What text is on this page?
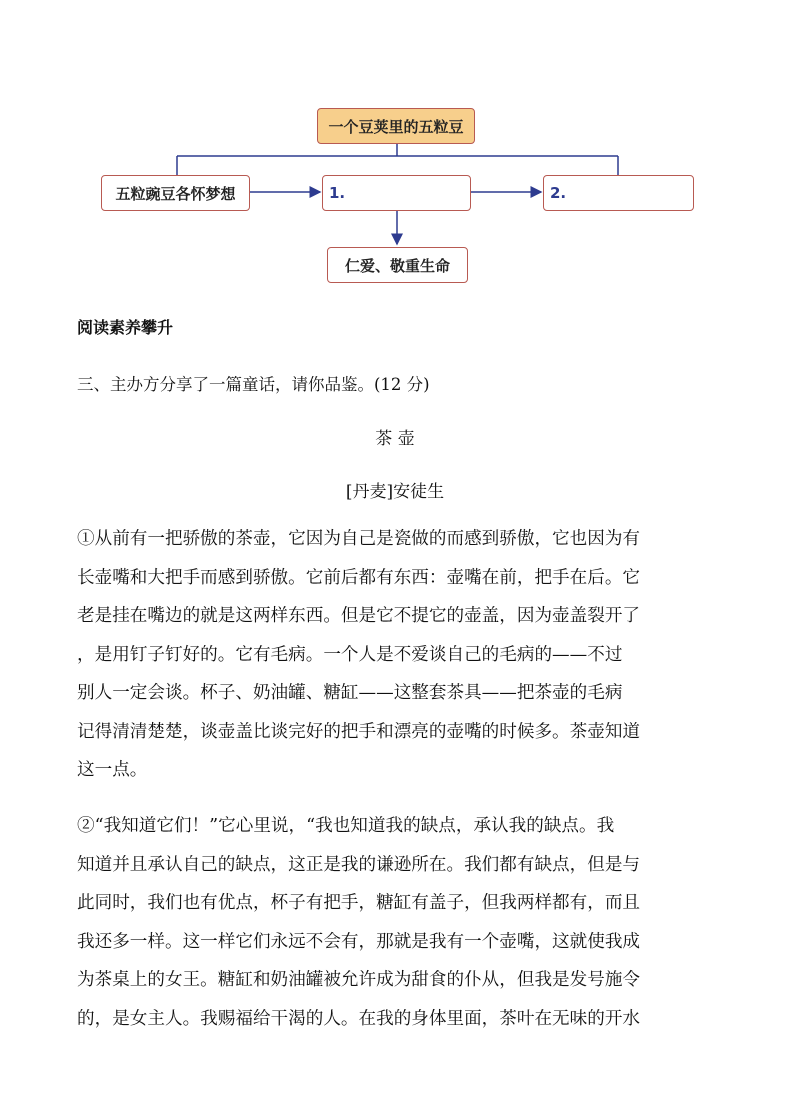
一个豆荚里的五粒豆
五粒豌豆各怀梦想	1.	2.
仁爱、敬重生命
阅读素养攀升
三、主办方分享了一篇童话，请你品鉴。(12 分)
茶 壶
[丹麦]安徒生
①从前有一把骄傲的茶壶，它因为自己是瓷做的而感到骄傲，它也因为有
长壶嘴和大把手而感到骄傲。它前后都有东西：壶嘴在前，把手在后。它
老是挂在嘴边的就是这两样东西。但是它不提它的壶盖，因为壶盖裂开了
，是用钉子钉好的。它有毛病。一个人是不爱谈自己的毛病的——不过
别人一定会谈。杯子、奶油罐、糖缸——这整套茶具——把茶壶的毛病
记得清清楚楚，谈壶盖比谈完好的把手和漂亮的壶嘴的时候多。茶壶知道
这一点。
②“我知道它们！”它心里说，“我也知道我的缺点，承认我的缺点。我
知道并且承认自己的缺点，这正是我的谦逊所在。我们都有缺点，但是与
此同时，我们也有优点，杯子有把手，糖缸有盖子，但我两样都有，而且
我还多一样。这一样它们永远不会有，那就是我有一个壶嘴，这就使我成
为茶桌上的女王。糖缸和奶油罐被允许成为甜食的仆从，但我是发号施令
的，是女主人。我赐福给干渴的人。在我的身体里面，茶叶在无味的开水
